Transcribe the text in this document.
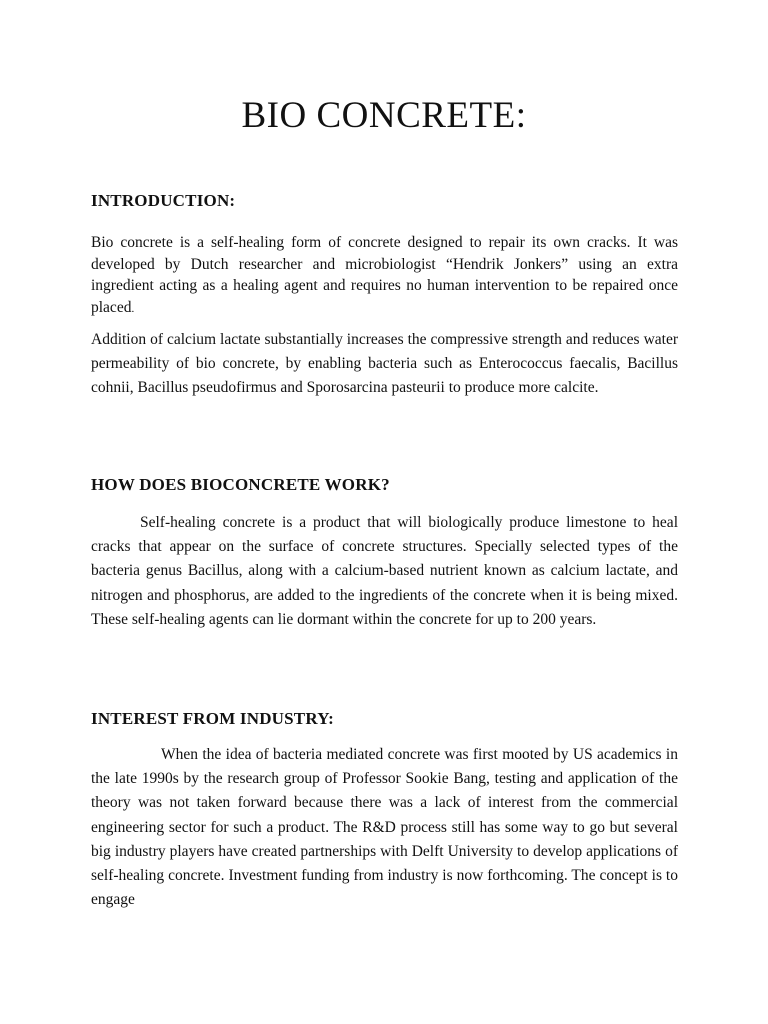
BIO CONCRETE:
INTRODUCTION:

Bio concrete is a self-healing form of concrete designed to repair its own cracks. It was developed by Dutch researcher and microbiologist “Hendrik Jonkers” using an extra ingredient acting as a healing agent and requires no human intervention to be repaired once placed.

Addition of calcium lactate substantially increases the compressive strength and reduces water permeability of bio concrete, by enabling bacteria such as Enterococcus faecalis, Bacillus cohnii, Bacillus pseudofirmus and Sporosarcina pasteurii to produce more calcite.

HOW DOES BIOCONCRETE WORK?

Self-healing concrete is a product that will biologically produce limestone to heal cracks that appear on the surface of concrete structures. Specially selected types of the bacteria genus Bacillus, along with a calcium-based nutrient known as calcium lactate, and nitrogen and phosphorus, are added to the ingredients of the concrete when it is being mixed. These self-healing agents can lie dormant within the concrete for up to 200 years.

INTEREST FROM INDUSTRY:

When the idea of bacteria mediated concrete was first mooted by US academics in the late 1990s by the research group of Professor Sookie Bang, testing and application of the theory was not taken forward because there was a lack of interest from the commercial engineering sector for such a product. The R&D process still has some way to go but several big industry players have created partnerships with Delft University to develop applications of self-healing concrete. Investment funding from industry is now forthcoming. The concept is to engage
